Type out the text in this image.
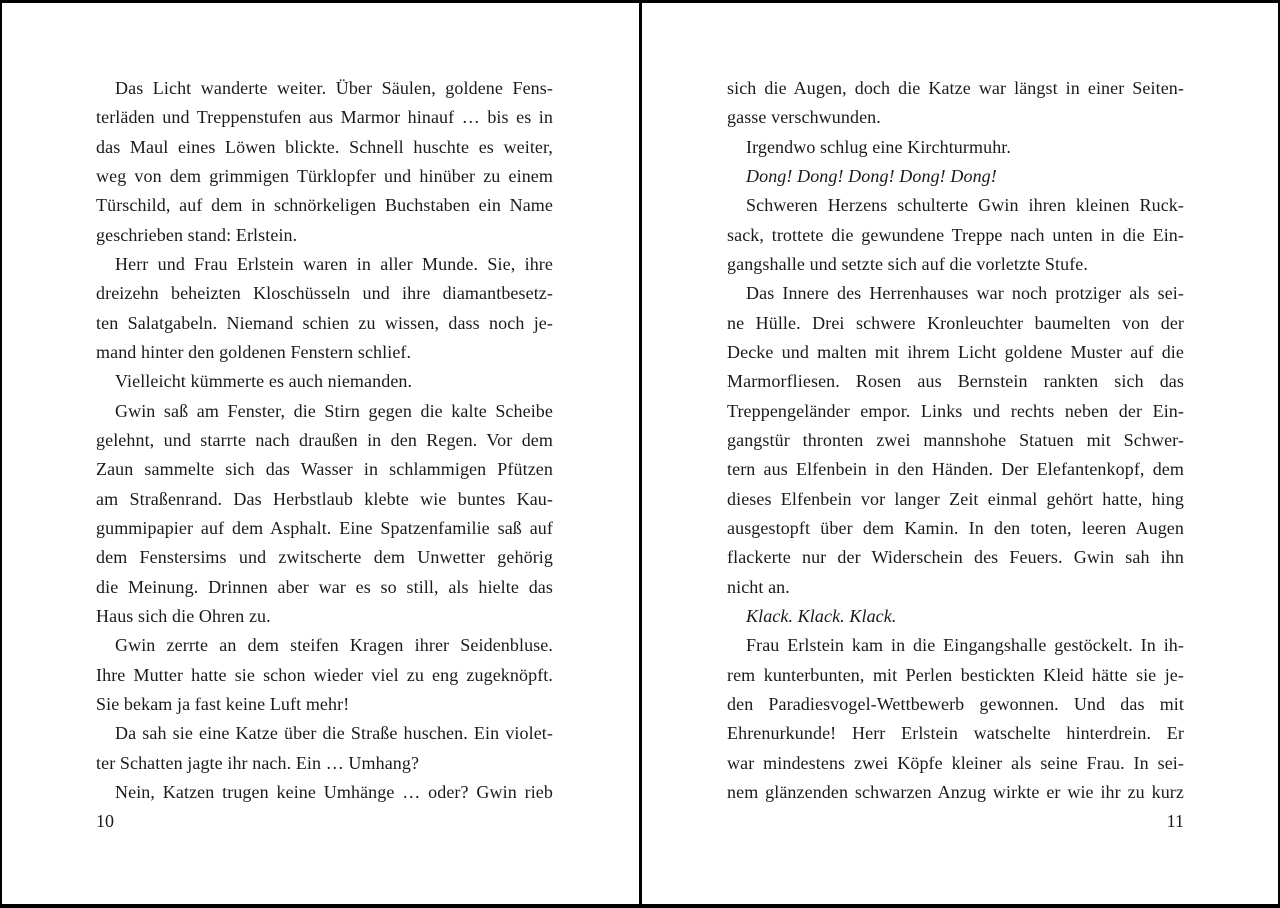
Das Licht wanderte weiter. Über Säulen, goldene Fens-
terläden und Treppenstufen aus Marmor hinauf … bis es in
das Maul eines Löwen blickte. Schnell huschte es weiter,
weg von dem grimmigen Türklopfer und hinüber zu einem
Türschild, auf dem in schnörkeligen Buchstaben ein Name
geschrieben stand: Erlstein.
Herr und Frau Erlstein waren in aller Munde. Sie, ihre
dreizehn beheizten Kloschüsseln und ihre diamantbesetz-
ten Salatgabeln. Niemand schien zu wissen, dass noch je-
mand hinter den goldenen Fenstern schlief.
Vielleicht kümmerte es auch niemanden.
Gwin saß am Fenster, die Stirn gegen die kalte Scheibe
gelehnt, und starrte nach draußen in den Regen. Vor dem
Zaun sammelte sich das Wasser in schlammigen Pfützen
am Straßenrand. Das Herbstlaub klebte wie buntes Kau-
gummipapier auf dem Asphalt. Eine Spatzenfamilie saß auf
dem Fenstersims und zwitscherte dem Unwetter gehörig
die Meinung. Drinnen aber war es so still, als hielte das
Haus sich die Ohren zu.
Gwin zerrte an dem steifen Kragen ihrer Seidenbluse.
Ihre Mutter hatte sie schon wieder viel zu eng zugeknöpft.
Sie bekam ja fast keine Luft mehr!
Da sah sie eine Katze über die Straße huschen. Ein violet-
ter Schatten jagte ihr nach. Ein … Umhang?
Nein, Katzen trugen keine Umhänge … oder? Gwin rieb
10
sich die Augen, doch die Katze war längst in einer Seiten-
gasse verschwunden.
Irgendwo schlug eine Kirchturmuhr.
Dong! Dong! Dong! Dong! Dong!
Schweren Herzens schulterte Gwin ihren kleinen Ruck-
sack, trottete die gewundene Treppe nach unten in die Ein-
gangshalle und setzte sich auf die vorletzte Stufe.
Das Innere des Herrenhauses war noch protziger als sei-
ne Hülle. Drei schwere Kronleuchter baumelten von der
Decke und malten mit ihrem Licht goldene Muster auf die
Marmorfliesen. Rosen aus Bernstein rankten sich das
Treppengeländer empor. Links und rechts neben der Ein-
gangstür thronten zwei mannshohe Statuen mit Schwer-
tern aus Elfenbein in den Händen. Der Elefantenkopf, dem
dieses Elfenbein vor langer Zeit einmal gehört hatte, hing
ausgestopft über dem Kamin. In den toten, leeren Augen
flackerte nur der Widerschein des Feuers. Gwin sah ihn
nicht an.
Klack. Klack. Klack.
Frau Erlstein kam in die Eingangshalle gestöckelt. In ih-
rem kunterbunten, mit Perlen bestickten Kleid hätte sie je-
den Paradiesvogel-Wettbewerb gewonnen. Und das mit
Ehrenurkunde! Herr Erlstein watschelte hinterdrein. Er
war mindestens zwei Köpfe kleiner als seine Frau. In sei-
nem glänzenden schwarzen Anzug wirkte er wie ihr zu kurz
11
